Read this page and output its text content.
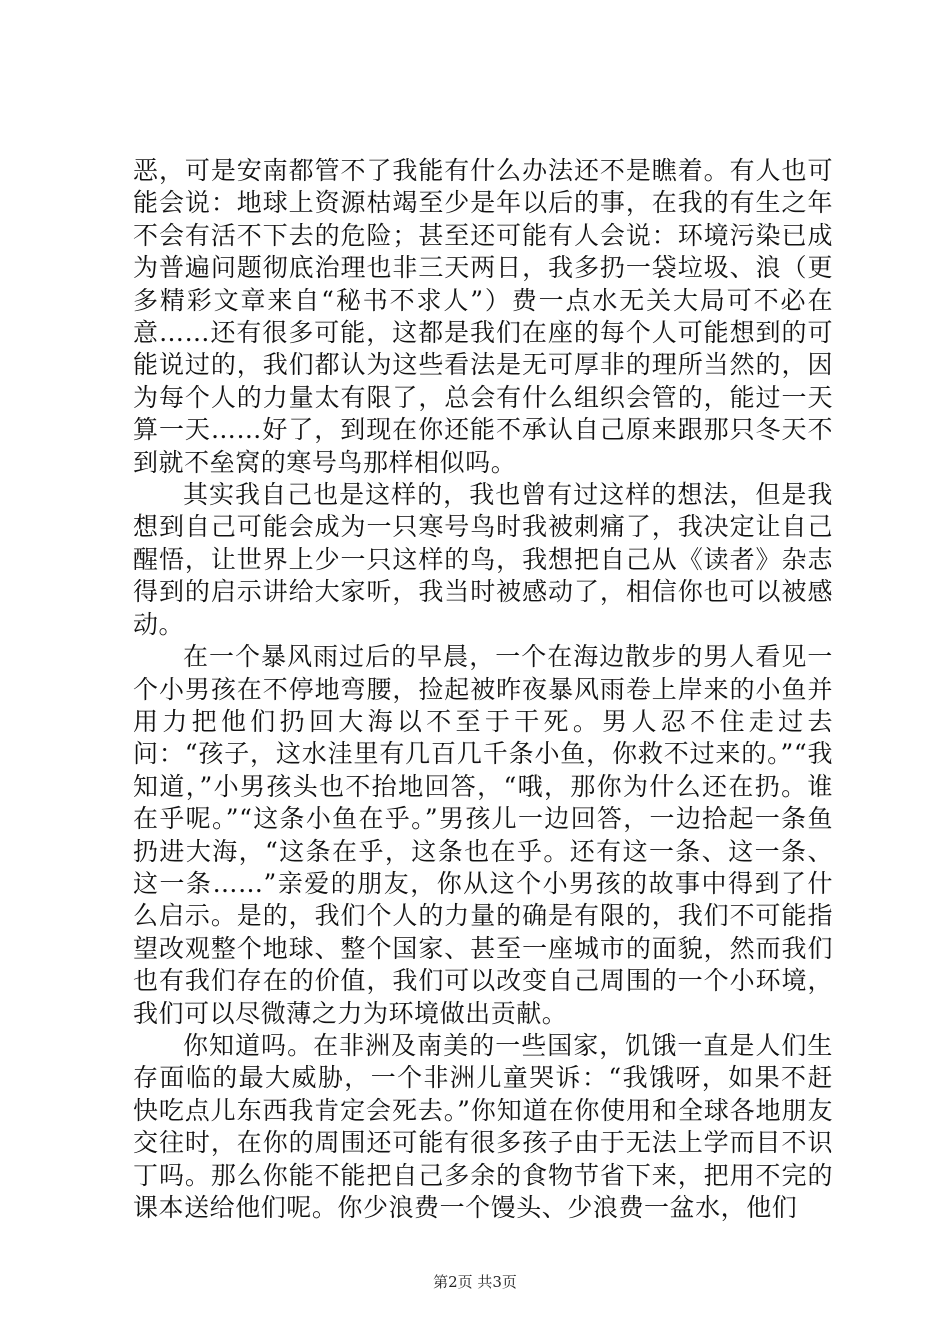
恶，可是安南都管不了我能有什么办法还不是瞧着。有人也可能会说：地球上资源枯竭至少是年以后的事，在我的有生之年不会有活不下去的危险；甚至还可能有人会说：环境污染已成为普遍问题彻底治理也非三天两日，我多扔一袋垃圾、浪（更多精彩文章来自“秘书不求人”）费一点水无关大局可不必在意……还有很多可能，这都是我们在座的每个人可能想到的可能说过的，我们都认为这些看法是无可厚非的理所当然的，因为每个人的力量太有限了，总会有什么组织会管的，能过一天算一天……好了，到现在你还能不承认自己原来跟那只冬天不到就不垒窝的寒号鸟那样相似吗。

其实我自己也是这样的，我也曾有过这样的想法，但是我想到自己可能会成为一只寒号鸟时我被刺痛了，我决定让自己醒悟，让世界上少一只这样的鸟，我想把自己从《读者》杂志得到的启示讲给大家听，我当时被感动了，相信你也可以被感动。

在一个暴风雨过后的早晨，一个在海边散步的男人看见一个小男孩在不停地弯腰，捡起被昨夜暴风雨卷上岸来的小鱼并用力把他们扔回大海以不至于干死。男人忍不住走过去问：“孩子，这水洼里有几百几千条小鱼，你救不过来的。”“我知道，”小男孩头也不抬地回答，“哦，那你为什么还在扔。谁在乎呢。”“这条小鱼在乎。”男孩儿一边回答，一边拾起一条鱼扔进大海，“这条在乎，这条也在乎。还有这一条、这一条、这一条……”亲爱的朋友，你从这个小男孩的故事中得到了什么启示。是的，我们个人的力量的确是有限的，我们不可能指望改观整个地球、整个国家、甚至一座城市的面貌，然而我们也有我们存在的价值，我们可以改变自己周围的一个小环境，我们可以尽微薄之力为环境做出贡献。

你知道吗。在非洲及南美的一些国家，饥饿一直是人们生存面临的最大威胁，一个非洲儿童哭诉：“我饿呀，如果不赶快吃点儿东西我肯定会死去。”你知道在你使用和全球各地朋友交往时，在你的周围还可能有很多孩子由于无法上学而目不识丁吗。那么你能不能把自己多余的食物节省下来，把用不完的课本送给他们呢。你少浪费一个馒头、少浪费一盆水，他们

第2页 共3页
